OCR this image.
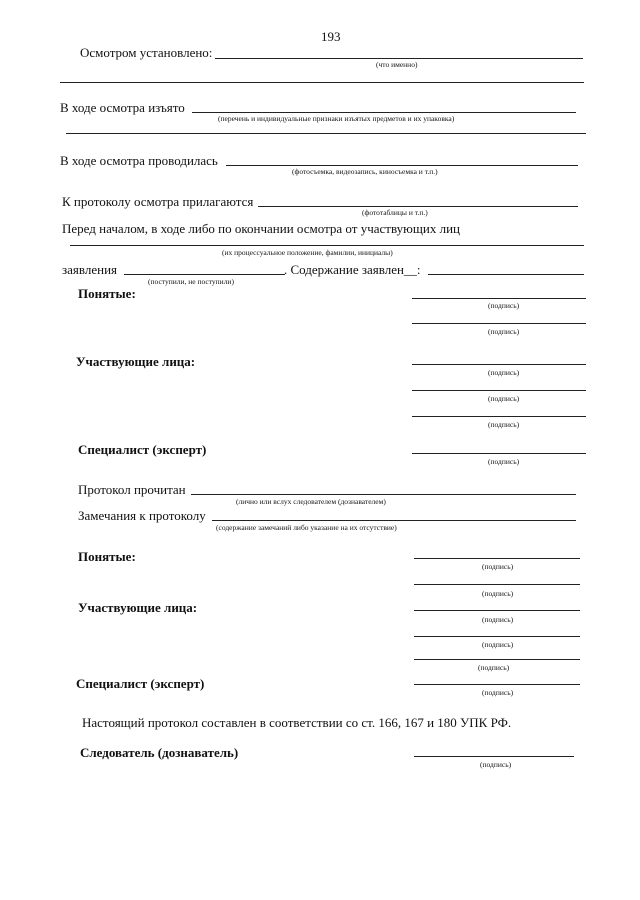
193
Осмотром установлено:
(что именно)
В ходе осмотра изъято
(перечень и индивидуальные признаки изъятых предметов и их упаковка)
В ходе осмотра проводилась
(фотосъемка, видеозапись, киносъемка и т.п.)
К протоколу осмотра прилагаются
(фототаблицы и т.п.)
Перед началом, в ходе либо по окончании осмотра от участвующих лиц
(их процессуальное положение, фамилии, инициалы)
заявления	. Содержание заявлен__:
(поступили, не поступили)
Понятые:
(подпись)
(подпись)
Участвующие лица:
(подпись)
(подпись)
(подпись)
Специалист (эксперт)
(подпись)
Протокол прочитан
(лично или вслух следователем (дознавателем)
Замечания к протоколу
(содержание замечаний либо указание на их отсутствие)
Понятые:
(подпись)
(подпись)
Участвующие лица:
(подпись)
(подпись)
(подпись)
Специалист (эксперт)
(подпись)
Настоящий протокол составлен в соответствии со ст. 166, 167 и 180 УПК РФ.
Следователь (дознаватель)
(подпись)
